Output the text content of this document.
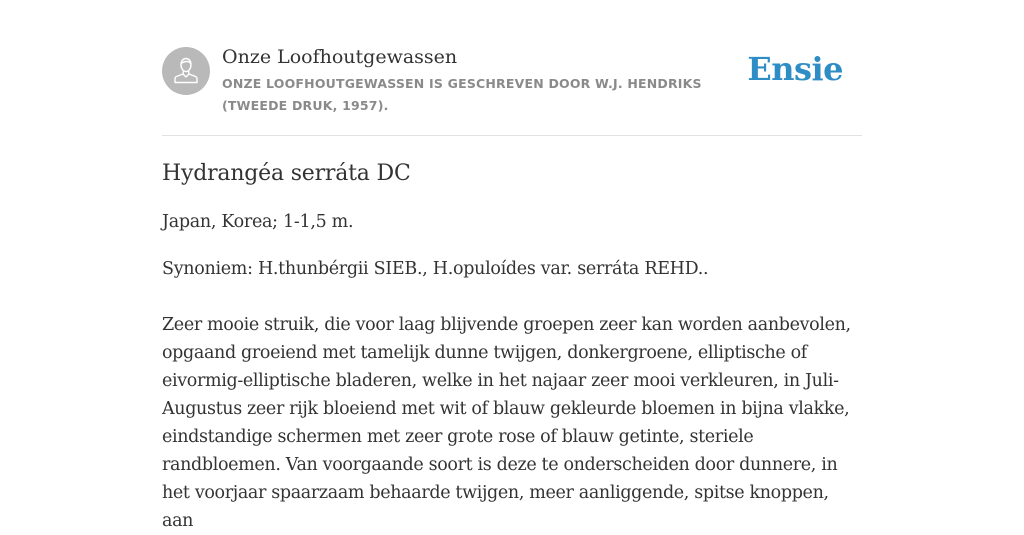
Onze Loofhoutgewassen
ONZE LOOFHOUTGEWASSEN IS GESCHREVEN DOOR W.J. HENDRIKS (TWEEDE DRUK, 1957).
Ensie
Hydrangéa serráta DC

Japan, Korea; 1-1,5 m.

Synoniem: H.thunbérgii SIEB., H.opuloídes var. serráta REHD..

Zeer mooie struik, die voor laag blijvende groepen zeer kan worden aanbevolen, opgaand groeiend met tamelijk dunne twijgen, donkergroene, elliptische of eivormig-elliptische bladeren, welke in het najaar zeer mooi verkleuren, in Juli-Augustus zeer rijk bloeiend met wit of blauw gekleurde bloemen in bijna vlakke, eindstandige schermen met zeer grote rose of blauw getinte, steriele randbloemen. Van voorgaande soort is deze te onderscheiden door dunnere, in het voorjaar spaarzaam behaarde twijgen, meer aanliggende, spitse knoppen, aan
